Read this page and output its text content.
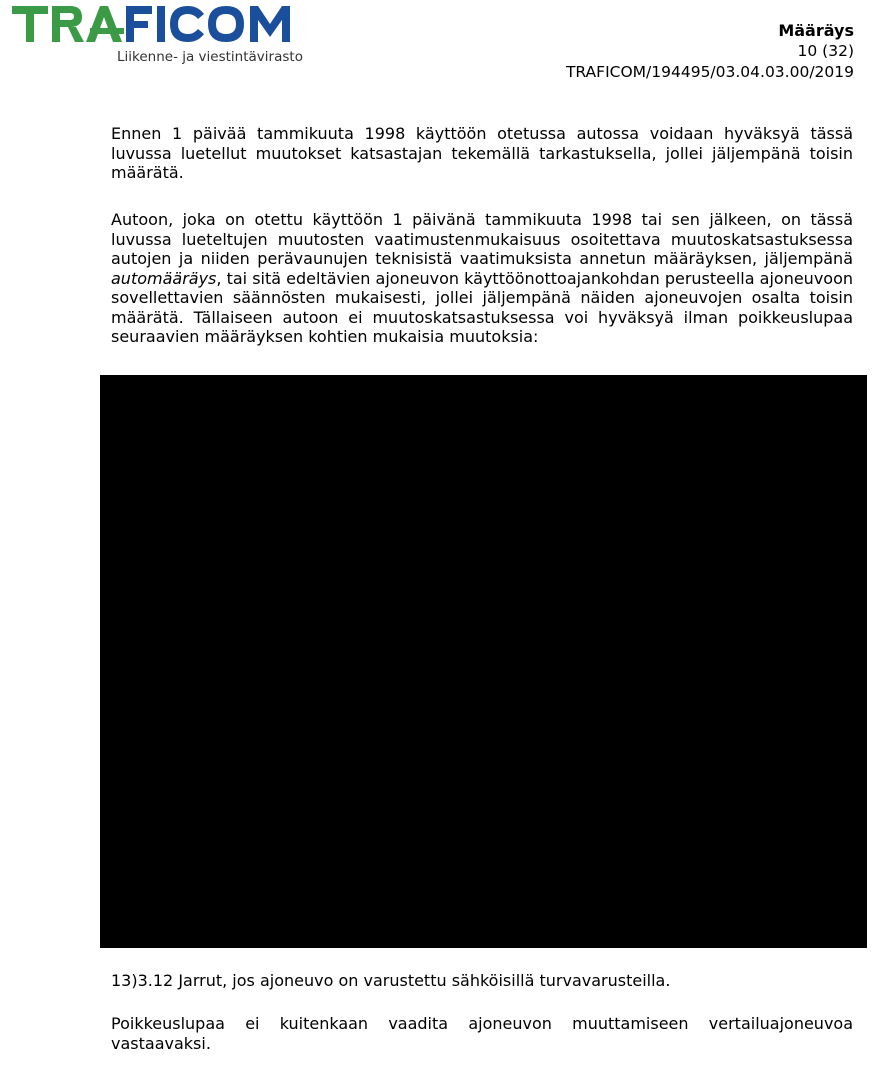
Liikenne- ja viestintävirasto
Määräys
10 (32)
TRAFICOM/194495/03.04.03.00/2019

Ennen 1 päivää tammikuuta 1998 käyttöön otetussa autossa voidaan hyväksyä tässä luvussa luetellut muutokset katsastajan tekemällä tarkastuksella, jollei jäljempänä toisin määrätä.

Autoon, joka on otettu käyttöön 1 päivänä tammikuuta 1998 tai sen jälkeen, on tässä luvussa lueteltujen muutosten vaatimustenmukaisuus osoitettava muutoskatsastuksessa autojen ja niiden perävaunujen teknisistä vaatimuksista annetun määräyksen, jäljempänä automääräys, tai sitä edeltävien ajoneuvon käyttöönottoajankohdan perusteella ajoneuvoon sovellettavien säännösten mukaisesti, jollei jäljempänä näiden ajoneuvojen osalta toisin määrätä. Tällaiseen autoon ei muutoskatsastuksessa voi hyväksyä ilman poikkeuslupaa seuraavien määräyksen kohtien mukaisia muutoksia:

13)3.12 Jarrut, jos ajoneuvo on varustettu sähköisillä turvavarusteilla.

Poikkeuslupaa ei kuitenkaan vaadita ajoneuvon muuttamiseen vertailuajoneuvoa vastaavaksi.
